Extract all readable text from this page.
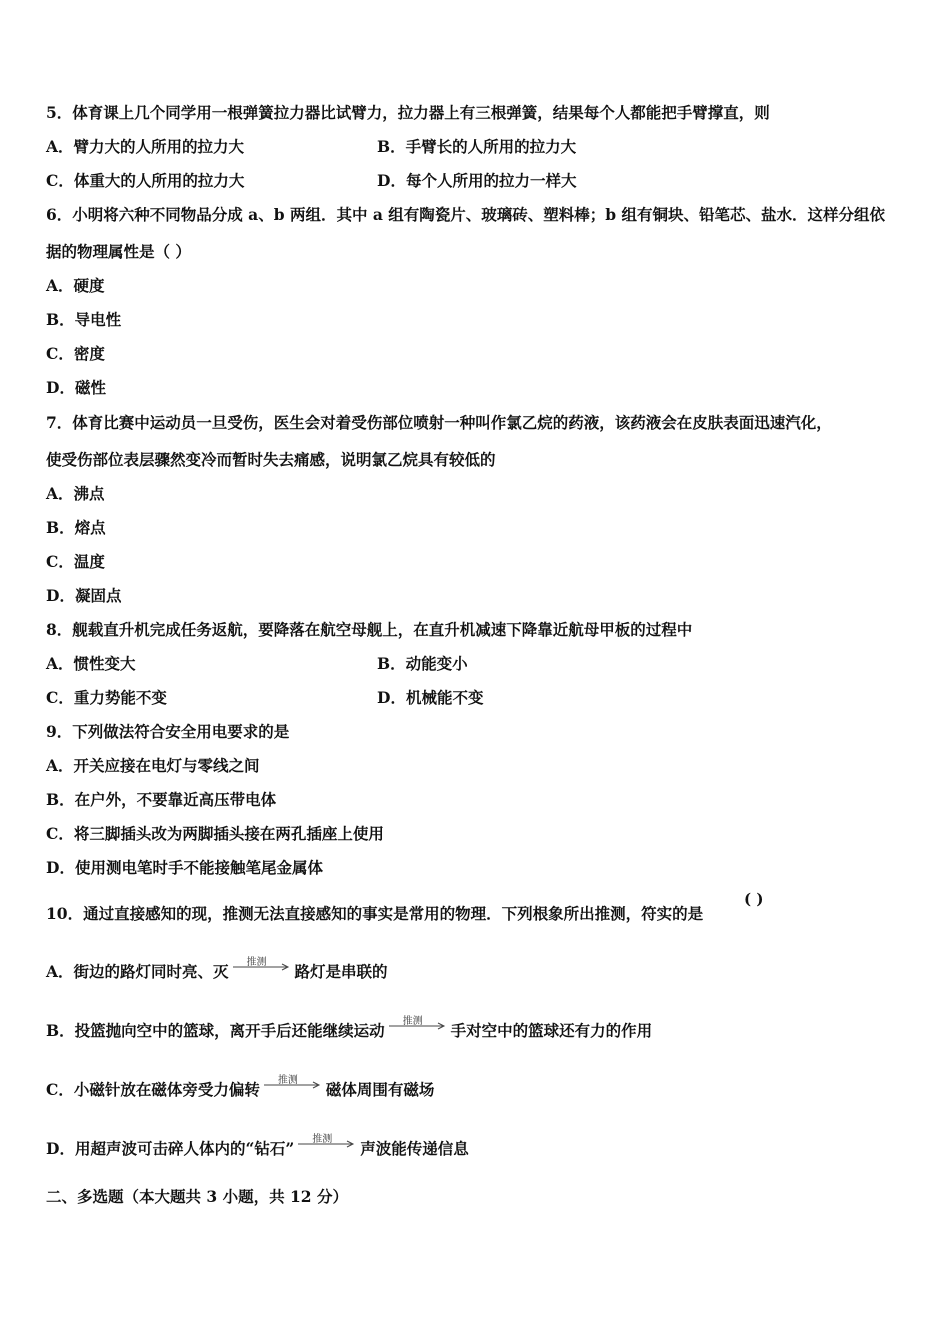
5．体育课上几个同学用一根弹簧拉力器比试臂力，拉力器上有三根弹簧，结果每个人都能把手臂撑直，则
A．臂力大的人所用的拉力大	B．手臂长的人所用的拉力大
C．体重大的人所用的拉力大	D．每个人所用的拉力一样大
6．小明将六种不同物品分成 a、b 两组．其中 a 组有陶瓷片、玻璃砖、塑料棒；b 组有铜块、铅笔芯、盐水．这样分组依
据的物理属性是（ ）
A．硬度
B．导电性
C．密度
D．磁性
7．体育比赛中运动员一旦受伤，医生会对着受伤部位喷射一种叫作氯乙烷的药液，该药液会在皮肤表面迅速汽化，
使受伤部位表层骤然变冷而暂时失去痛感，说明氯乙烷具有较低的
A．沸点
B．熔点
C．温度
D．凝固点
8．舰载直升机完成任务返航，要降落在航空母舰上，在直升机减速下降靠近航母甲板的过程中
A．惯性变大	B．动能变小
C．重力势能不变	D．机械能不变
9．下列做法符合安全用电要求的是
A．开关应接在电灯与零线之间
B．在户外，不要靠近高压带电体
C．将三脚插头改为两脚插头接在两孔插座上使用
D．使用测电笔时手不能接触笔尾金属体
10．通过直接感知的现，推测无法直接感知的事实是常用的物理．下列根象所出推测，符实的是
( )
A．街边的路灯同时亮、灭 推测 路灯是串联的
B．投篮抛向空中的篮球，离开手后还能继续运动 推测 手对空中的篮球还有力的作用
C．小磁针放在磁体旁受力偏转 推测 磁体周围有磁场
D．用超声波可击碎人体内的“钻石” 推测 声波能传递信息
二、多选题（本大题共 3 小题，共 12 分）
